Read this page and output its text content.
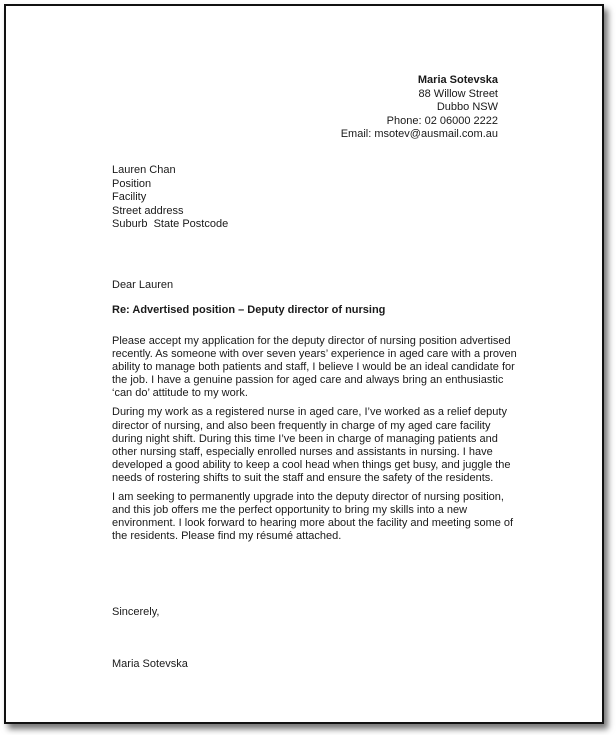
Maria Sotevska
88 Willow Street
Dubbo NSW
Phone: 02 06000 2222
Email: msotev@ausmail.com.au
Lauren Chan
Position
Facility
Street address
Suburb  State Postcode
Dear Lauren
Re: Advertised position – Deputy director of nursing

Please accept my application for the deputy director of nursing position advertised recently. As someone with over seven years’ experience in aged care with a proven ability to manage both patients and staff, I believe I would be an ideal candidate for the job. I have a genuine passion for aged care and always bring an enthusiastic ‘can do’ attitude to my work.

During my work as a registered nurse in aged care, I’ve worked as a relief deputy director of nursing, and also been frequently in charge of my aged care facility during night shift. During this time I’ve been in charge of managing patients and other nursing staff, especially enrolled nurses and assistants in nursing. I have developed a good ability to keep a cool head when things get busy, and juggle the needs of rostering shifts to suit the staff and ensure the safety of the residents.

I am seeking to permanently upgrade into the deputy director of nursing position, and this job offers me the perfect opportunity to bring my skills into a new environment. I look forward to hearing more about the facility and meeting some of the residents. Please find my résumé attached.

Sincerely,
Maria Sotevska
